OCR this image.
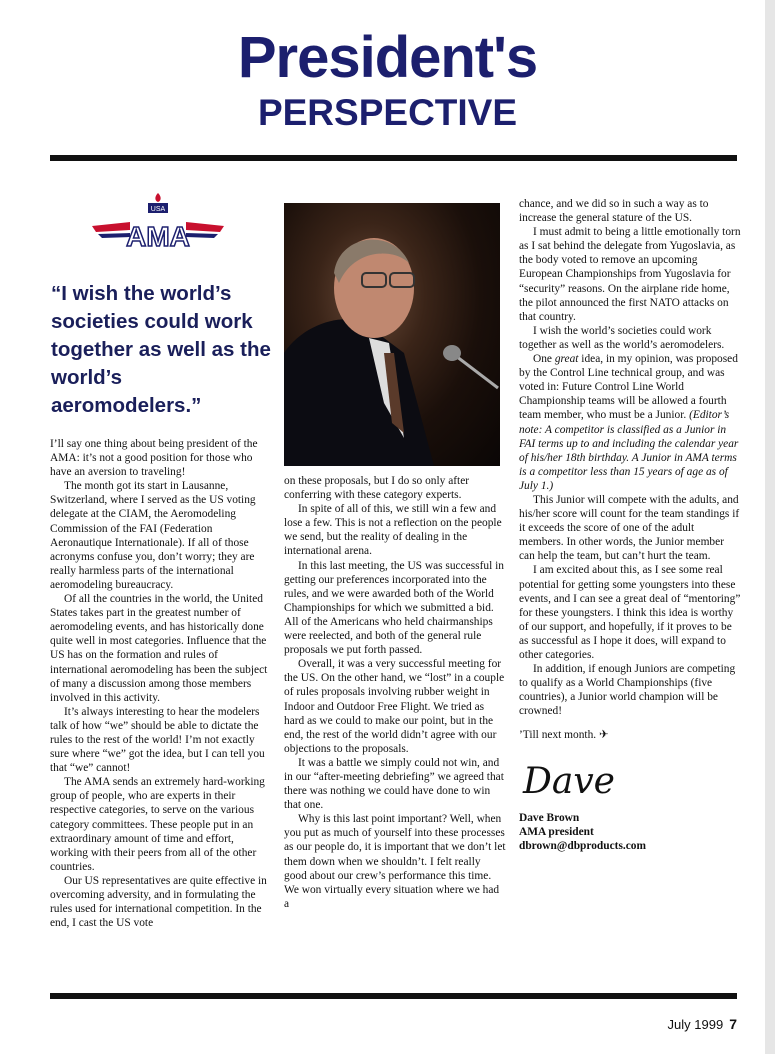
President's
PERSPECTIVE
USA
AMA
“I wish the world’s societies could work together as well as the world’s aeromodelers.”

I’ll say one thing about being president of the AMA: it’s not a good position for those who have an aversion to traveling!

The month got its start in Lausanne, Switzerland, where I served as the US voting delegate at the CIAM, the Aeromodeling Commission of the FAI (Federation Aeronautique Internationale). If all of those acronyms confuse you, don’t worry; they are really harmless parts of the international aeromodeling bureaucracy.

Of all the countries in the world, the United States takes part in the greatest number of aeromodeling events, and has historically done quite well in most categories. Influence that the US has on the formation and rules of international aeromodeling has been the subject of many a discussion among those members involved in this activity.

It’s always interesting to hear the modelers talk of how “we” should be able to dictate the rules to the rest of the world! I’m not exactly sure where “we” got the idea, but I can tell you that “we” cannot!

The AMA sends an extremely hard-working group of people, who are experts in their respective categories, to serve on the various category committees. These people put in an extraordinary amount of time and effort, working with their peers from all of the other countries.

Our US representatives are quite effective in overcoming adversity, and in formulating the rules used for international competition. In the end, I cast the US vote

on these proposals, but I do so only after conferring with these category experts.

In spite of all of this, we still win a few and lose a few. This is not a reflection on the people we send, but the reality of dealing in the international arena.

In this last meeting, the US was successful in getting our preferences incorporated into the rules, and we were awarded both of the World Championships for which we submitted a bid. All of the Americans who held chairmanships were reelected, and both of the general rule proposals we put forth passed.

Overall, it was a very successful meeting for the US. On the other hand, we “lost” in a couple of rules proposals involving rubber weight in Indoor and Outdoor Free Flight. We tried as hard as we could to make our point, but in the end, the rest of the world didn’t agree with our objections to the proposals.

It was a battle we simply could not win, and in our “after-meeting debriefing” we agreed that there was nothing we could have done to win that one.

Why is this last point important? Well, when you put as much of yourself into these processes as our people do, it is important that we don’t let them down when we shouldn’t. I felt really good about our crew’s performance this time. We won virtually every situation where we had a

chance, and we did so in such a way as to increase the general stature of the US.

I must admit to being a little emotionally torn as I sat behind the delegate from Yugoslavia, as the body voted to remove an upcoming European Championships from Yugoslavia for “security” reasons. On the airplane ride home, the pilot announced the first NATO attacks on that country.

I wish the world’s societies could work together as well as the world’s aeromodelers.

One great idea, in my opinion, was proposed by the Control Line technical group, and was voted in: Future Control Line World Championship teams will be allowed a fourth team member, who must be a Junior. (Editor’s note: A competitor is classified as a Junior in FAI terms up to and including the calendar year of his/her 18th birthday. A Junior in AMA terms is a competitor less than 15 years of age as of July 1.)

This Junior will compete with the adults, and his/her score will count for the team standings if it exceeds the score of one of the adult members. In other words, the Junior member can help the team, but can’t hurt the team.

I am excited about this, as I see some real potential for getting some youngsters into these events, and I can see a great deal of “mentoring” for these youngsters. I think this idea is worthy of our support, and hopefully, if it proves to be as successful as I hope it does, will expand to other categories.

In addition, if enough Juniors are competing to qualify as a World Championships (five countries), a Junior world champion will be crowned!

’Till next month. ✈

Dave
Dave Brown
AMA president
dbrown@dbproducts.com
July 1999 7
